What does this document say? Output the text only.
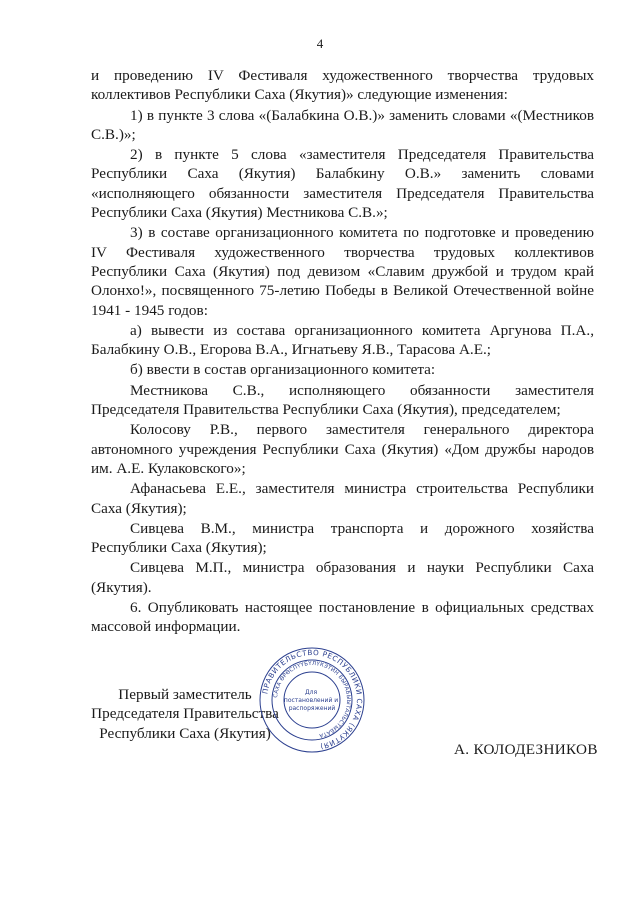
4

и проведению IV Фестиваля художественного творчества трудовых коллективов Республики Саха (Якутия)» следующие изменения:

1) в пункте 3 слова «(Балабкина О.В.)» заменить словами «(Местников С.В.)»;

2) в пункте 5 слова «заместителя Председателя Правительства Республики Саха (Якутия) Балабкину О.В.» заменить словами «исполняющего обязанности заместителя Председателя Правительства Республики Саха (Якутия) Местникова С.В.»;

3) в составе организационного комитета по подготовке и проведению IV Фестиваля художественного творчества трудовых коллективов Республики Саха (Якутия) под девизом «Славим дружбой и трудом край Олонхо!», посвященного 75-летию Победы в Великой Отечественной войне 1941 - 1945 годов:

а) вывести из состава организационного комитета Аргунова П.А., Балабкину О.В., Егорова В.А., Игнатьеву Я.В., Тарасова А.Е.;

б) ввести в состав организационного комитета:

Местникова С.В., исполняющего обязанности заместителя Председателя Правительства Республики Саха (Якутия), председателем;

Колосову Р.В., первого заместителя генерального директора автономного учреждения Республики Саха (Якутия) «Дом дружбы народов им. А.Е. Кулаковского»;

Афанасьева Е.Е., заместителя министра строительства Республики Саха (Якутия);

Сивцева В.М., министра транспорта и дорожного хозяйства Республики Саха (Якутия);

Сивцева М.П., министра образования и науки Республики Саха (Якутия).

6. Опубликовать настоящее постановление в официальных средствах массовой информации.

Первый заместитель
Председателя Правительства
Республики Саха (Якутия)
ПРАВИТЕЛЬСТВО РЕСПУБЛИКИ САХА (ЯКУТИЯ)
САХА ӨРӨСПҮҮБҮЛҮКЭТИН БЫРАБЫЫТАЛЬСТЫБАТА
Для постановлений и распоряжений
А. КОЛОДЕЗНИКОВ
